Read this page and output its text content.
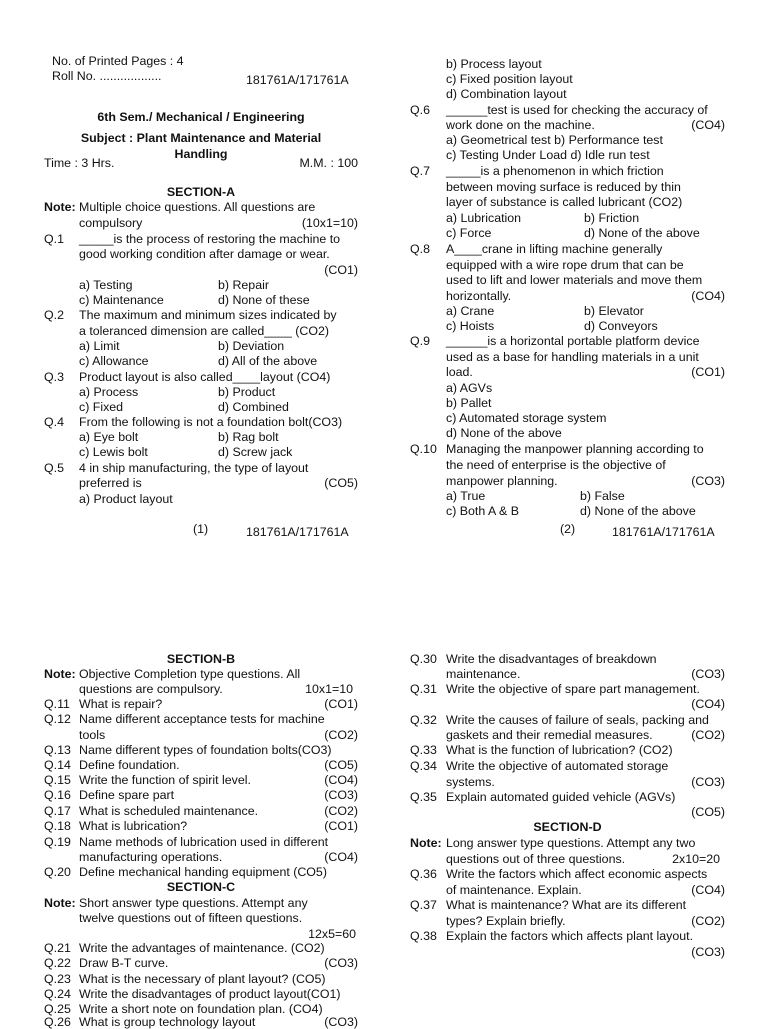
No. of Printed Pages : 4
Roll No. ..................	181761A/171761A
6th Sem./ Mechanical / Engineering
Subject : Plant Maintenance and Material
Handling
Time : 3 Hrs.	M.M. : 100
SECTION-A
Note: Multiple choice questions. All questions are
compulsory	(10x1=10)
Q.1 _____is the process of restoring the machine to
good working condition after damage or wear.
(CO1)
a) Testing	b) Repair
c) Maintenance	d) None of these
Q.2 The maximum and minimum sizes indicated by
a toleranced dimension are called____ (CO2)
a) Limit	b) Deviation
c) Allowance	d) All of the above
Q.3 Product layout is also called____layout (CO4)
a) Process	b) Product
c) Fixed	d) Combined
Q.4 From the following is not a foundation bolt(CO3)
a) Eye bolt	b) Rag bolt
c) Lewis bolt	d) Screw jack
Q.5 4 in ship manufacturing, the type of layout
preferred is	(CO5)
a) Product layout
(1)	181761A/171761A
b) Process layout
c) Fixed position layout
d) Combination layout
Q.6 ______test is used for checking the accuracy of
work done on the machine.	(CO4)
a) Geometrical test b) Performance test
c) Testing Under Load d) Idle run test
Q.7 _____is a phenomenon in which friction
between moving surface is reduced by thin
layer of substance is called lubricant (CO2)
a) Lubrication	b) Friction
c) Force	d) None of the above
Q.8 A____crane in lifting machine generally
equipped with a wire rope drum that can be
used to lift and lower materials and move them
horizontally.	(CO4)
a) Crane	b) Elevator
c) Hoists	d) Conveyors
Q.9 ______is a horizontal portable platform device
used as a base for handling materials in a unit
load.	(CO1)
a) AGVs
b) Pallet
c) Automated storage system
d) None of the above
Q.10 Managing the manpower planning according to
the need of enterprise is the objective of
manpower planning.	(CO3)
a) True	b) False
c) Both A & B	d) None of the above
(2)	181761A/171761A
SECTION-B
Note: Objective Completion type questions. All
questions are compulsory.	10x1=10
Q.11 What is repair?	(CO1)
Q.12 Name different acceptance tests for machine
tools	(CO2)
Q.13 Name different types of foundation bolts(CO3)
Q.14 Define foundation.	(CO5)
Q.15 Write the function of spirit level.	(CO4)
Q.16 Define spare part	(CO3)
Q.17 What is scheduled maintenance.	(CO2)
Q.18 What is lubrication?	(CO1)
Q.19 Name methods of lubrication used in different
manufacturing operations.	(CO4)
Q.20 Define mechanical handing equipment (CO5)
SECTION-C
Note: Short answer type questions. Attempt any
twelve questions out of fifteen questions.
12x5=60
Q.21 Write the advantages of maintenance. (CO2)
Q.22 Draw B-T curve.	(CO3)
Q.23 What is the necessary of plant layout? (CO5)
Q.24 Write the disadvantages of product layout(CO1)
Q.25 Write a short note on foundation plan. (CO4)
Q.26 What is group technology layout	(CO3)
Q.30 Write the disadvantages of breakdown
maintenance.	(CO3)
Q.31 Write the objective of spare part management.
(CO4)
Q.32 Write the causes of failure of seals, packing and
gaskets and their remedial measures.	(CO2)
Q.33 What is the function of lubrication? (CO2)
Q.34 Write the objective of automated storage
systems.	(CO3)
Q.35 Explain automated guided vehicle (AGVs)
(CO5)
SECTION-D
Note: Long answer type questions. Attempt any two
questions out of three questions.	2x10=20
Q.36 Write the factors which affect economic aspects
of maintenance. Explain.	(CO4)
Q.37 What is maintenance? What are its different
types? Explain briefly.	(CO2)
Q.38 Explain the factors which affects plant layout.
(CO3)
